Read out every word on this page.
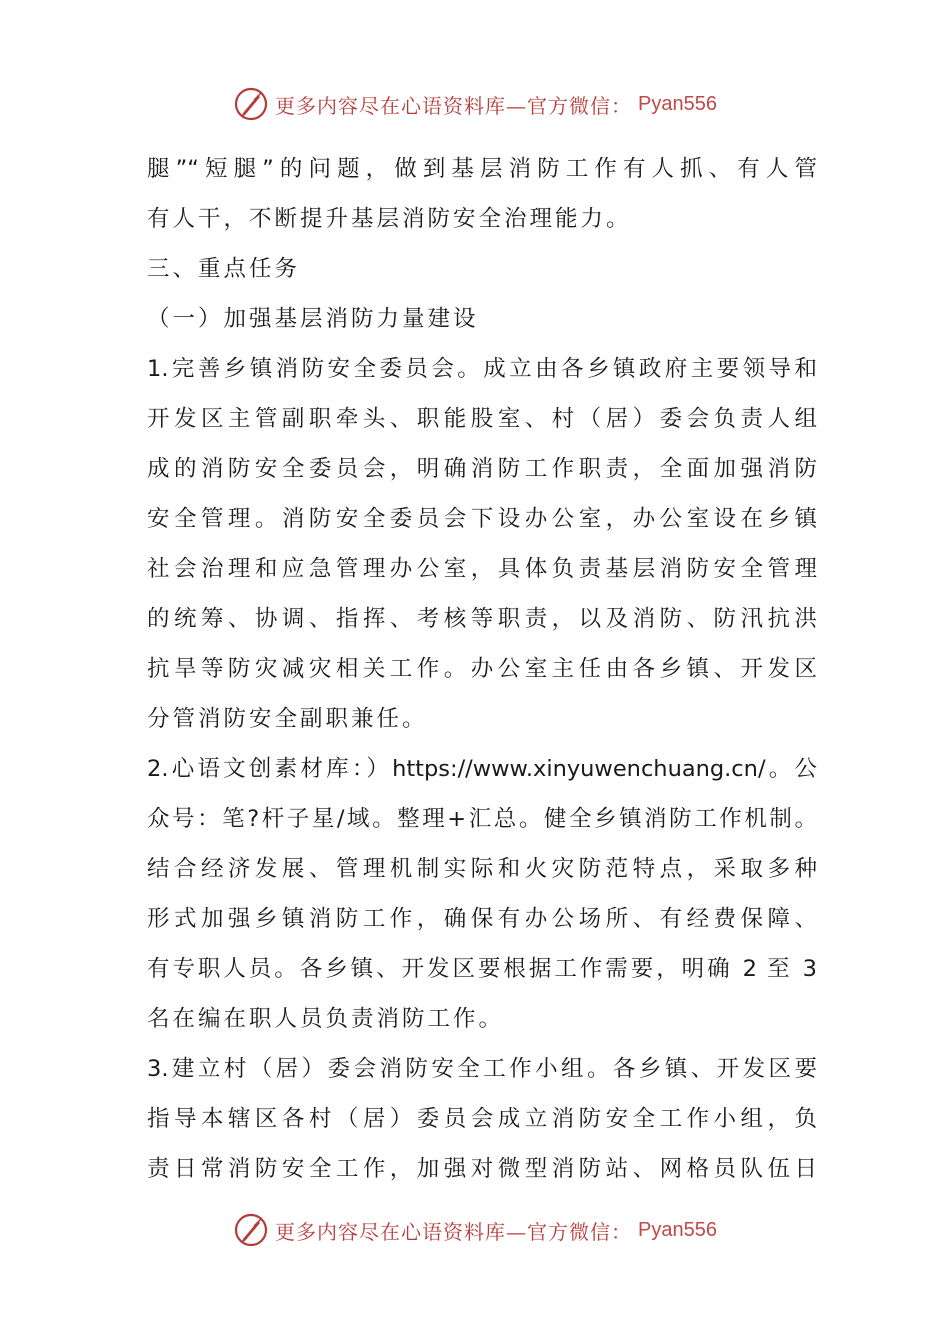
更多内容尽在心语资料库—官方微信： Pyan556
腿”“短腿”的问题，做到基层消防工作有人抓、有人管
有人干，不断提升基层消防安全治理能力。
三、重点任务
（一）加强基层消防力量建设
1.完善乡镇消防安全委员会。成立由各乡镇政府主要领导和
开发区主管副职牵头、职能股室、村（居）委会负责人组
成的消防安全委员会，明确消防工作职责，全面加强消防
安全管理。消防安全委员会下设办公室，办公室设在乡镇
社会治理和应急管理办公室，具体负责基层消防安全管理
的统筹、协调、指挥、考核等职责，以及消防、防汛抗洪
抗旱等防灾减灾相关工作。办公室主任由各乡镇、开发区
分管消防安全副职兼任。
2.心语文创素材库：）https://www.xinyuwenchuang.cn/。公
众号：笔?杆子星/域。整理+汇总。健全乡镇消防工作机制。
结合经济发展、管理机制实际和火灾防范特点，采取多种
形式加强乡镇消防工作，确保有办公场所、有经费保障、
有专职人员。各乡镇、开发区要根据工作需要，明确 2 至 3
名在编在职人员负责消防工作。
3.建立村（居）委会消防安全工作小组。各乡镇、开发区要
指导本辖区各村（居）委员会成立消防安全工作小组，负
责日常消防安全工作，加强对微型消防站、网格员队伍日
更多内容尽在心语资料库—官方微信： Pyan556
